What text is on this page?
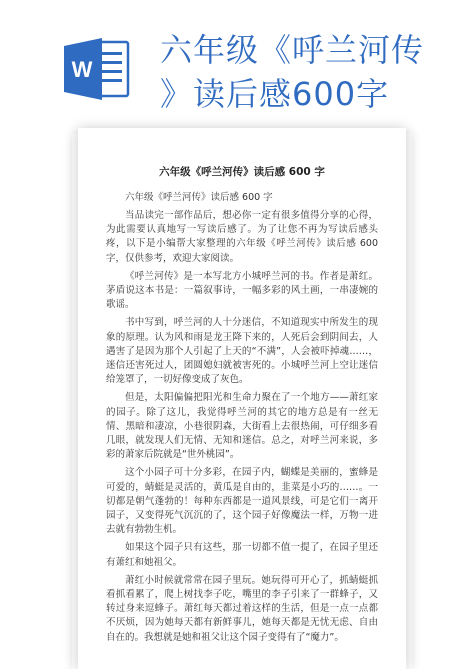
W
六年级《呼兰河传
》读后感600字
六年级《呼兰河传》读后感 600 字
六年级《呼兰河传》读后感 600 字

当品读完一部作品后，想必你一定有很多值得分享的心得，为此需要认真地写一写读后感了。为了让您不再为写读后感头疼，以下是小编帮大家整理的六年级《呼兰河传》读后感 600 字，仅供参考，欢迎大家阅读。

《呼兰河传》是一本写北方小城呼兰河的书。作者是萧红。茅盾说这本书是：一篇叙事诗，一幅多彩的风土画，一串凄婉的歌谣。

书中写到，呼兰河的人十分迷信，不知道现实中所发生的现象的原理。认为风和雨是龙王降下来的，人死后会到阴间去，人遇害了是因为那个人引起了上天的“不满”，人会被吓掉魂……，迷信还害死过人，团圆媳妇就被害死的。小城呼兰河上空让迷信给笼罩了，一切好像变成了灰色。

但是，太阳偏偏把阳光和生命力聚在了一个地方——萧红家的园子。除了这儿，我觉得呼兰河的其它的地方总是有一丝无情、黑暗和凄凉，小巷很阴森，大街看上去很热闹，可仔细多看几眼，就发现人们无情、无知和迷信。总之，对呼兰河来说，多彩的萧家后院就是“世外桃园”。

这个小园子可十分多彩，在园子内，蝴蝶是美丽的，蜜蜂是可爱的，蜻蜓是灵活的，黄瓜是自由的，韭菜是小巧的……。一切都是朝气蓬勃的！每种东西都是一道风景线，可是它们一离开园子，又变得死气沉沉的了，这个园子好像魔法一样，万物一进去就有勃勃生机。

如果这个园子只有这些，那一切都不值一提了，在园子里还有萧红和她祖父。

萧红小时候就常常在园子里玩。她玩得可开心了，抓蜻蜓抓看抓看累了，爬上树找李子吃，嘴里的李子引来了一群蜂子，又转过身来逗蜂子。萧红每天都过着这样的生活，但是一点一点都不厌烦，因为她每天都有新鲜事儿，她每天都是无忧无虑、自由自在的。我想就是她和祖父让这个园子变得有了“魔力”。
